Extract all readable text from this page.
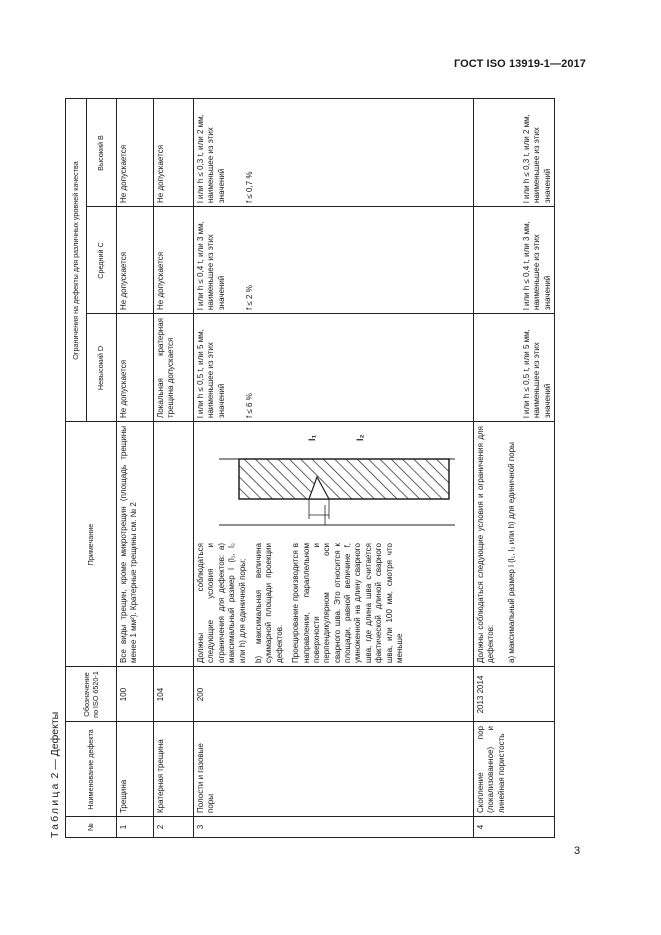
ГОСТ ISO 13919-1—2017
3
Таблица 2 — Дефекты
№
Наименование дефекта
Обозначение по ISO 6520-1
Примечание
Ограничения на дефекты для различных уровней качества
Невысокий D
Средний C
Высокий B
1
Трещина
100
Все виды трещин, кроме микротрещин (площадь трещины менее 1 мм²). Кратерные трещины см. № 2
Не допускается
Не допускается
Не допускается
2
Кратерная трещина
104
Локальная кратерная трещина допускается
Не допускается
Не допускается
3
Полости и газовые поры
200

Должны соблюдаться следующие условия и ограничения для дефектов: а) максимальный размер l (l₁, l₂ или h) для единичной поры; b) максимальная величина суммарной площади проекции дефектов. Проецирование производится в направлении, параллельном поверхности и перпендикулярном оси сварного шва. Это относится к площади, равной величине f, умноженной на длину сварного шва, где длина шва считается фактической длиной сварного шва, или 100 мм, смотря что меньше

l₁	l₂

l или h ≤ 0,5 t, или 5 мм, наименьшее из этих значений f ≤ 6 %

l или h ≤ 0,4 t, или 3 мм, наименьшее из этих значений f ≤ 2 %

l или h ≤ 0,3 t, или 2 мм, наименьшее из этих значений f ≤ 0,7 %

4
Скопление пор (локализованное) и линейная пористость
2013 2014

Должны соблюдаться следующие условия и ограничения для дефектов: а) максимальный размер l (l₁, l₂ или h) для единичной поры

l или h ≤ 0,5 t, или 5 мм, наименьшее из этих значений
l или h ≤ 0,4 t, или 3 мм, наименьшее из этих значений
l или h ≤ 0,3 t, или 2 мм, наименьшее из этих значений
